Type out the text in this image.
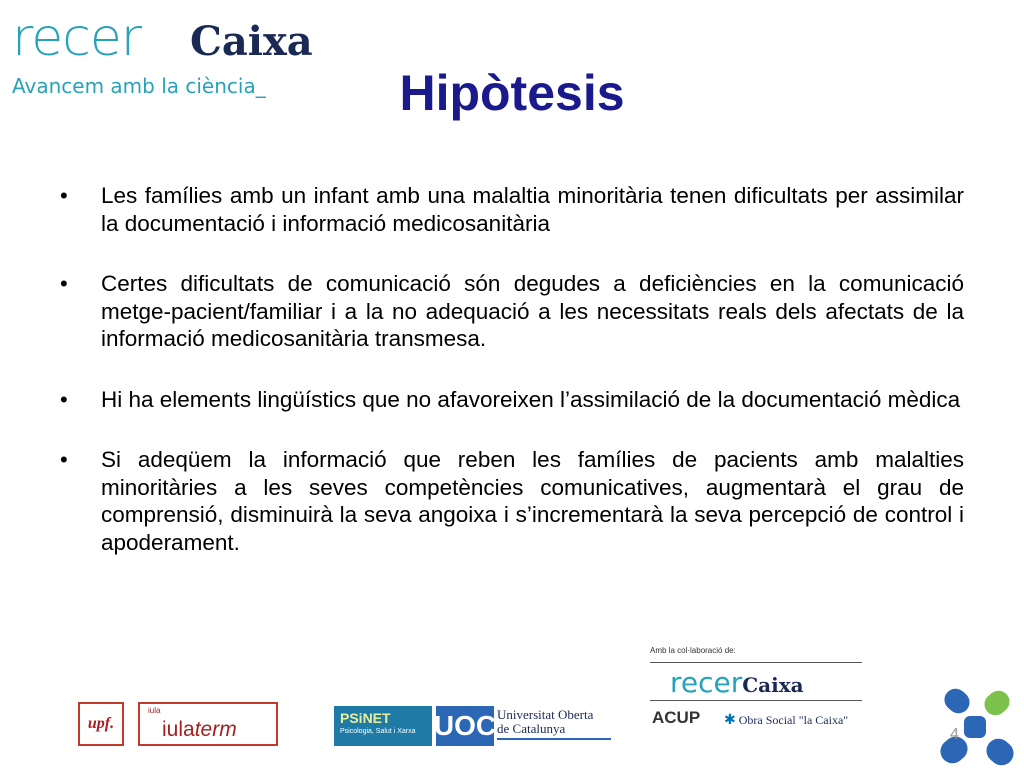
recer Caixa
Avancem amb la ciència_	Hipòtesis
• Les famílies amb un infant amb una malaltia minoritària tenen dificultats per assimilar la documentació i informació medicosanitària
• Certes dificultats de comunicació són degudes a deficiències en la comunicació metge-pacient/familiar i a la no adequació a les necessitats reals dels afectats de la informació medicosanitària transmesa.
• Hi ha elements lingüístics que no afavoreixen l’assimilació de la documentació mèdica
• Si adeqüem la informació que reben les famílies de pacients amb malalties minoritàries a les seves competències comunicatives, augmentarà el grau de comprensió, disminuirà la seva angoixa i s’incrementarà la seva percepció de control i apoderament.
Amb la col·laboració de:
recerCaixa
ACUP ✱ Obra Social "la Caixa"
upf.
iula
iulaterm	PSiNET
Psicologia, Salut i Xarxa UOC Universitat Oberta
de Catalunya	4
